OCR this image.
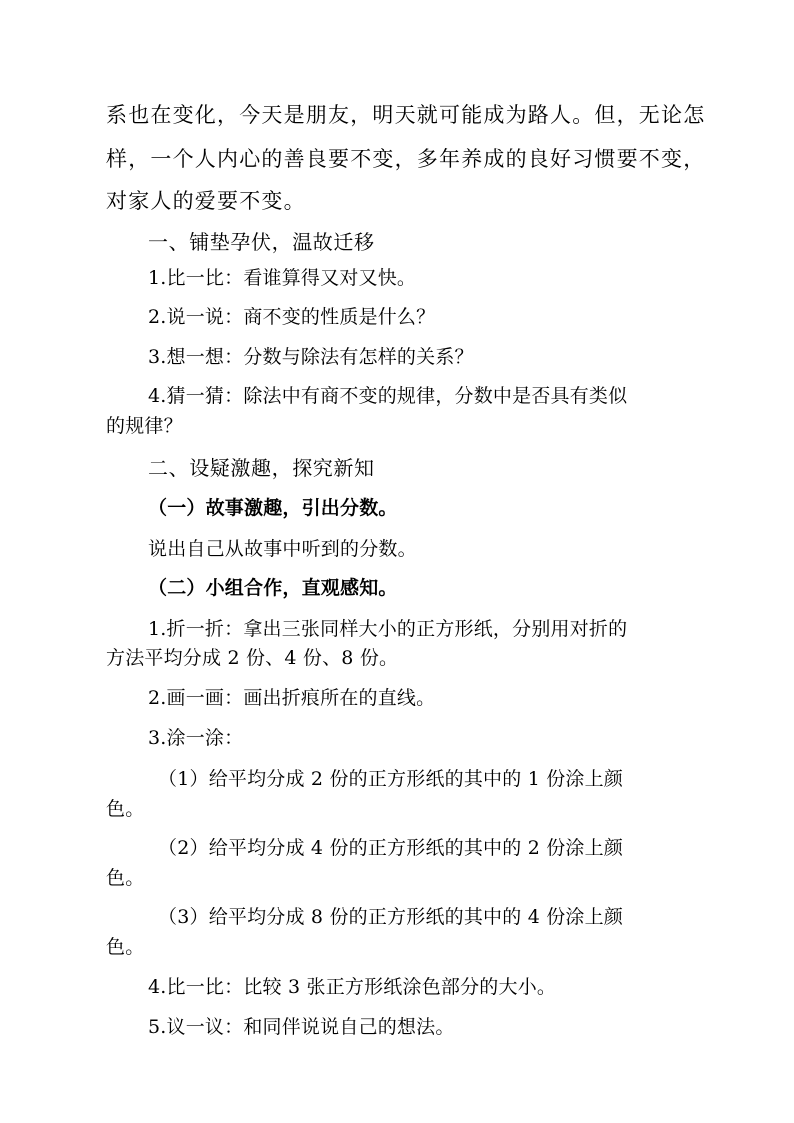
系也在变化，今天是朋友，明天就可能成为路人。但，无论怎
样，一个人内心的善良要不变，多年养成的良好习惯要不变，
对家人的爱要不变。
一、铺垫孕伏，温故迁移
1.比一比：看谁算得又对又快。
2.说一说：商不变的性质是什么？
3.想一想：分数与除法有怎样的关系？
4.猜一猜：除法中有商不变的规律，分数中是否具有类似
的规律？
二、设疑激趣，探究新知
（一）故事激趣，引出分数。
说出自己从故事中听到的分数。
（二）小组合作，直观感知。
1.折一折：拿出三张同样大小的正方形纸，分别用对折的
方法平均分成 2 份、4 份、8 份。
2.画一画：画出折痕所在的直线。
3.涂一涂：
（1）给平均分成 2 份的正方形纸的其中的 1 份涂上颜
色。
（2）给平均分成 4 份的正方形纸的其中的 2 份涂上颜
色。
（3）给平均分成 8 份的正方形纸的其中的 4 份涂上颜
色。
4.比一比：比较 3 张正方形纸涂色部分的大小。
5.议一议：和同伴说说自己的想法。
